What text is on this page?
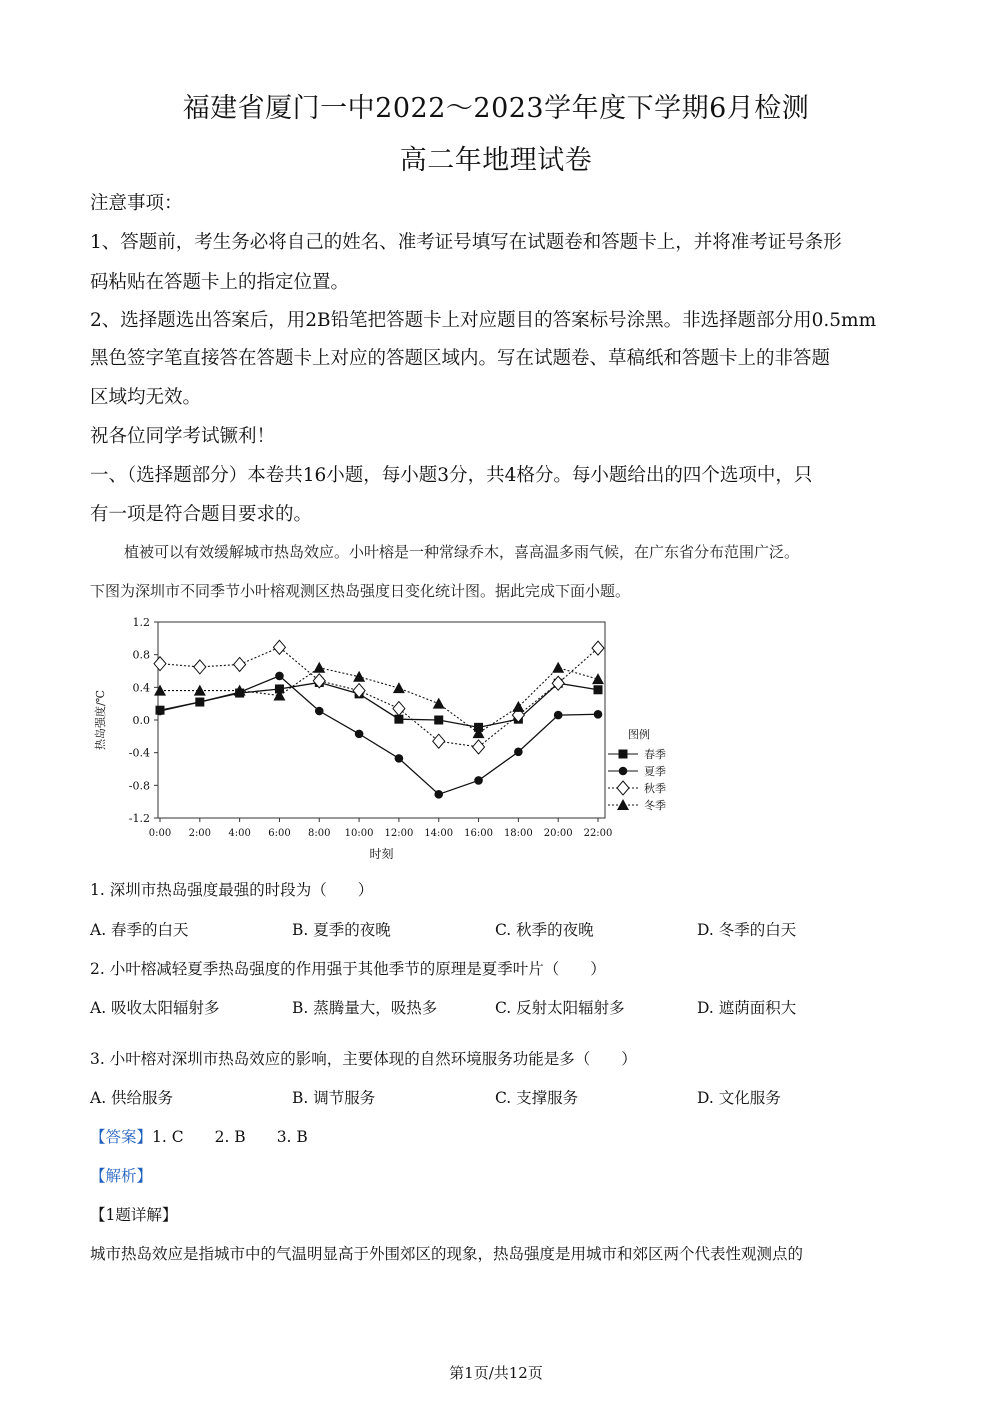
福建省厦门一中2022～2023学年度下学期6月检测
高二年地理试卷
注意事项：
1、答题前，考生务必将自己的姓名、准考证号填写在试题卷和答题卡上，并将准考证号条形
码粘贴在答题卡上的指定位置。
2、选择题选出答案后，用2B铅笔把答题卡上对应题目的答案标号涂黑。非选择题部分用0.5mm
黑色签字笔直接答在答题卡上对应的答题区域内。写在试题卷、草稿纸和答题卡上的非答题
区域均无效。
祝各位同学考试镢利！
一、（选择题部分）本卷共16小题，每小题3分，共4格分。每小题给出的四个选项中，只
有一项是符合题目要求的。
植被可以有效缓解城市热岛效应。小叶榕是一种常绿乔木，喜高温多雨气候，在广东省分布范围广泛。
下图为深圳市不同季节小叶榕观测区热岛强度日变化统计图。据此完成下面小题。
1.2
0.8
0.4
0.0
-0.4
-0.8
-1.2
0:00 2:00 4:00 6:00 8:00 10:00 12:00 14:00 16:00 18:00 20:00 22:00
时刻
热岛强度/℃	图例
春季
夏季
秋季
冬季
1. 深圳市热岛强度最强的时段为（　　）
A. 春季的白天	B. 夏季的夜晚	C. 秋季的夜晚	D. 冬季的白天
2. 小叶榕减轻夏季热岛强度的作用强于其他季节的原理是夏季叶片（　　）
A. 吸收太阳辐射多	B. 蒸腾量大，吸热多	C. 反射太阳辐射多	D. 遮荫面积大
3. 小叶榕对深圳市热岛效应的影响，主要体现的自然环境服务功能是多（　　）
A. 供给服务	B. 调节服务	C. 支撑服务	D. 文化服务
【答案】1. C　　2. B　　3. B
【解析】
【1题详解】
城市热岛效应是指城市中的气温明显高于外围郊区的现象，热岛强度是用城市和郊区两个代表性观测点的
第1页/共12页
